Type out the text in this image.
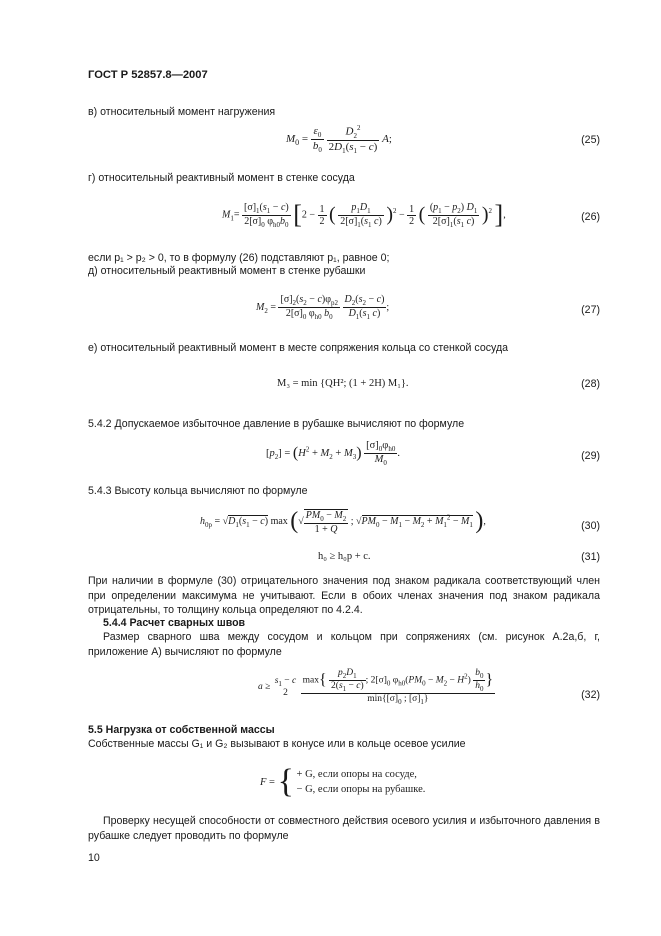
ГОСТ Р 52857.8—2007
в) относительный момент нагружения
$M_0 = \frac{\varepsilon_0}{b_0}$
$\frac{D_2^2}{2D_1(s_1 - c)} A$;	(25)
г) относительный реактивный момент в стенке сосуда
$M_1= \frac{[\sigma]_1(s_1 - c)}{2[\sigma]_0 \varphi_{h0}b_0} [2 - \frac{1}{2}$ ( $\frac{p_1D_1}{2[\sigma]_1(s_1 c)} )^2 - \frac{1}{2}$ ( $\frac{(p_1 - p_2) D_1}{2[\sigma]_1(s_1 c)} )^2$ ],	(26)
если p₁ > p₂ > 0, то в формулу (26) подставляют p₁, равное 0;
д) относительный реактивный момент в стенке рубашки
$M_2 = \frac{[\sigma]_2(s_2 - c)\varphi_{p2}}{2[\sigma]_0 \varphi_{h0} b_0}$
$\frac{D_2(s_2 - c)}{D_1(s_1 c)}$ ;	(27)
е) относительный реактивный момент в месте сопряжения кольца со стенкой сосуда
M₃ = min {QH²; (1 + 2H) M₁}.	(28)
5.4.2 Допускаемое избыточное давление в рубашке вычисляют по формуле
$[p_2] = (H^2 + M_2 + M_3) \frac{[\sigma]_0\varphi_{h0}}{M_0}$ .	(29)
5.4.3 Высоту кольца вычисляют по формуле
$h_{0р} = √D_1(s_1 - c)$ max (√ $\frac{PM_0 - M_2}{1 + Q}$ ; $√PM_0 - M_1 - M_2 + M_1^2 - M_1$ ),	(30)
h₀ ≥ h₀р + c.	(31)
При наличии в формуле (30) отрицательного значения под знаком радикала соответствующий член при определении максимума не учитывают. Если в обоих членах значения под знаком радикала отрицательны, то толщину кольца определяют по 4.2.4.
5.4.4 Расчет сварных швов
Размер сварного шва между сосудом и кольцом при сопряжениях (см. рисунок А.2а,б, г, приложение А) вычисляют по формуле
a ≥
$s_1 - c$
2

$\max\{ \frac{p_2D_1}{2(s_1 - c)}$ ; $2[\sigma]_0$ $\varphi_{h0}(PM_0 - M_2 - H^2) \frac{b_0}{h_0}$ }
$\min\{[\sigma]_0$ ; $[\sigma]_1$}	(32)
5.5 Нагрузка от собственной массы
Собственные массы G₁ и G₂ вызывают в конусе или в кольце осевое усилие
F = { + G, если опоры на сосуде,
− G, если опоры на рубашке.
Проверку несущей способности от совместного действия осевого усилия и избыточного давления в рубашке следует проводить по формуле
10
